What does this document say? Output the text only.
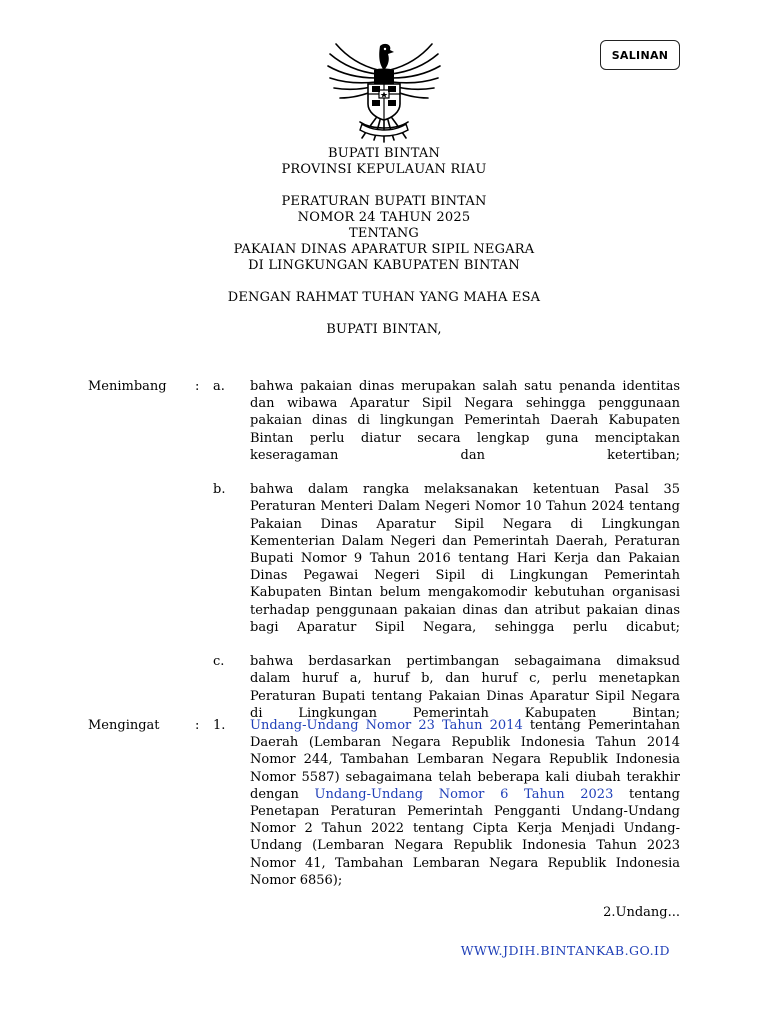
SALINAN
BUPATI BINTAN
PROVINSI KEPULAUAN RIAU
PERATURAN BUPATI BINTAN
NOMOR 24 TAHUN 2025
TENTANG
PAKAIAN DINAS APARATUR SIPIL NEGARA
DI LINGKUNGAN KABUPATEN BINTAN
DENGAN RAHMAT TUHAN YANG MAHA ESA
BUPATI BINTAN,
Menimbang : a.	bahwa pakaian dinas merupakan salah satu penanda identitas dan wibawa Aparatur Sipil Negara sehingga penggunaan pakaian dinas di lingkungan Pemerintah Daerah Kabupaten Bintan perlu diatur secara lengkap guna menciptakan keseragaman dan ketertiban;
b.	bahwa dalam rangka melaksanakan ketentuan Pasal 35 Peraturan Menteri Dalam Negeri Nomor 10 Tahun 2024 tentang Pakaian Dinas Aparatur Sipil Negara di Lingkungan Kementerian Dalam Negeri dan Pemerintah Daerah, Peraturan Bupati Nomor 9 Tahun 2016 tentang Hari Kerja dan Pakaian Dinas Pegawai Negeri Sipil di Lingkungan Pemerintah Kabupaten Bintan belum mengakomodir kebutuhan organisasi terhadap penggunaan pakaian dinas dan atribut pakaian dinas bagi Aparatur Sipil Negara, sehingga perlu dicabut;
c.	bahwa berdasarkan pertimbangan sebagaimana dimaksud dalam huruf a, huruf b, dan huruf c, perlu menetapkan Peraturan Bupati tentang Pakaian Dinas Aparatur Sipil Negara di Lingkungan Pemerintah Kabupaten Bintan;
Mengingat	: 1.	Undang-Undang Nomor 23 Tahun 2014 tentang Pemerintahan Daerah (Lembaran Negara Republik Indonesia Tahun 2014 Nomor 244, Tambahan Lembaran Negara Republik Indonesia Nomor 5587) sebagaimana telah beberapa kali diubah terakhir dengan Undang-Undang Nomor 6 Tahun 2023 tentang Penetapan Peraturan Pemerintah Pengganti Undang-Undang Nomor 2 Tahun 2022 tentang Cipta Kerja Menjadi Undang-Undang (Lembaran Negara Republik Indonesia Tahun 2023 Nomor 41, Tambahan Lembaran Negara Republik Indonesia Nomor 6856);
2.Undang...
WWW.JDIH.BINTANKAB.GO.ID
